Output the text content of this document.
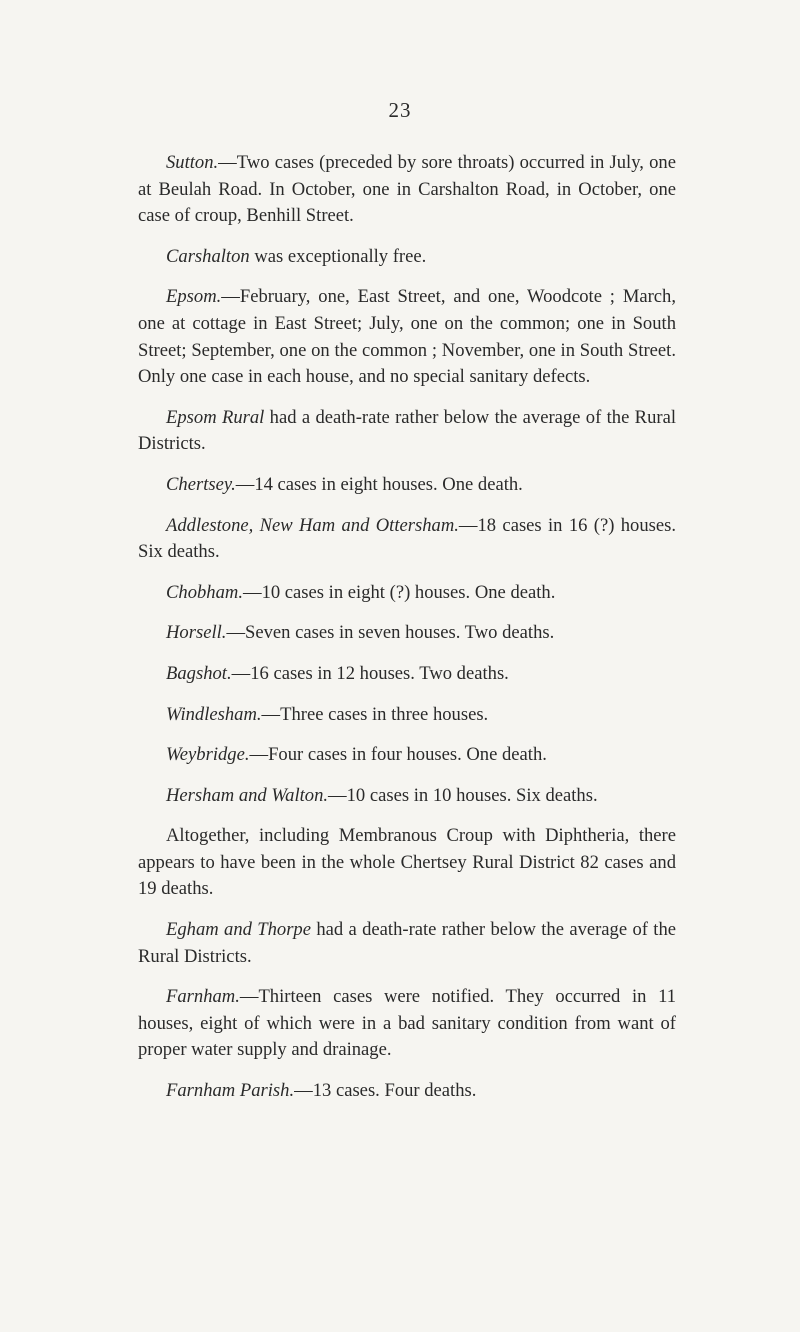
23

Sutton.—Two cases (preceded by sore throats) occurred in July, one at Beulah Road. In October, one in Carshalton Road, in October, one case of croup, Benhill Street.

Carshalton was exceptionally free.

Epsom.—February, one, East Street, and one, Woodcote ; March, one at cottage in East Street; July, one on the common; one in South Street; September, one on the common ; November, one in South Street. Only one case in each house, and no special sanitary defects.

Epsom Rural had a death-rate rather below the average of the Rural Districts.

Chertsey.—14 cases in eight houses. One death.

Addlestone, New Ham and Ottersham.—18 cases in 16 (?) houses. Six deaths.

Chobham.—10 cases in eight (?) houses. One death.

Horsell.—Seven cases in seven houses. Two deaths.

Bagshot.—16 cases in 12 houses. Two deaths.

Windlesham.—Three cases in three houses.

Weybridge.—Four cases in four houses. One death.

Hersham and Walton.—10 cases in 10 houses. Six deaths.

Altogether, including Membranous Croup with Diphtheria, there appears to have been in the whole Chertsey Rural District 82 cases and 19 deaths.

Egham and Thorpe had a death-rate rather below the average of the Rural Districts.

Farnham.—Thirteen cases were notified. They occurred in 11 houses, eight of which were in a bad sanitary condition from want of proper water supply and drainage.

Farnham Parish.—13 cases. Four deaths.
